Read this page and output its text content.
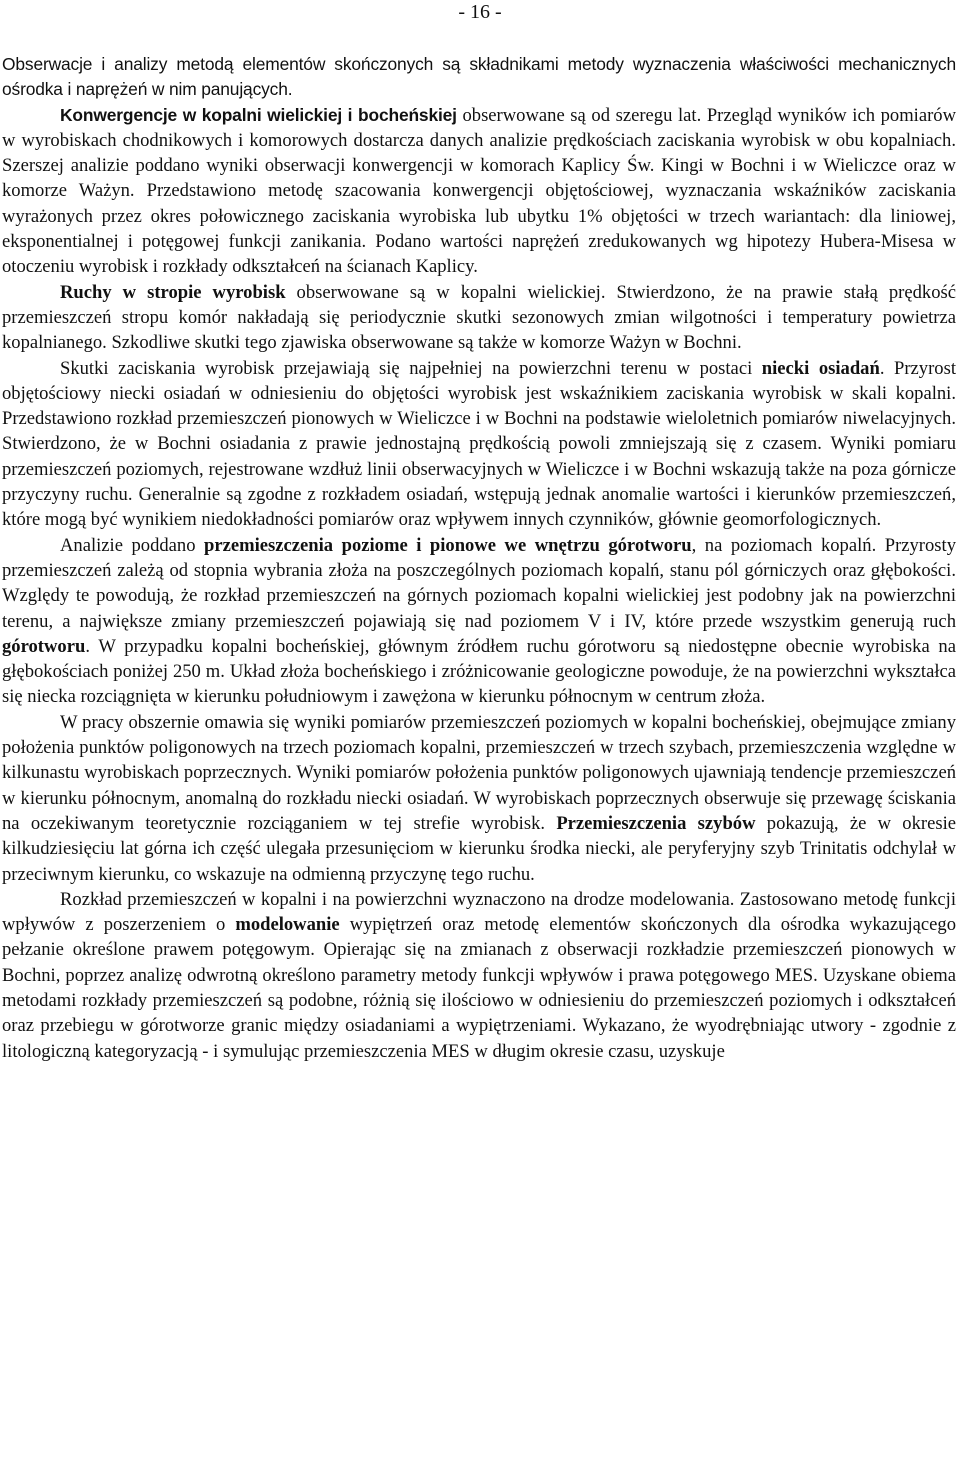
- 16 -

Obserwacje i analizy metodą elementów skończonych są składnikami metody wyznaczenia właściwości mechanicznych ośrodka i naprężeń w nim panujących.

Konwergencje w kopalni wielickiej i bocheńskiej obserwowane są od szeregu lat. Przegląd wyników ich pomiarów w wyrobiskach chodnikowych i komorowych dostarcza danych analizie prędkościach zaciskania wyrobisk w obu kopalniach. Szerszej analizie poddano wyniki obserwacji konwergencji w komorach Kaplicy Św. Kingi w Bochni i w Wieliczce oraz w komorze Ważyn. Przedstawiono metodę szacowania konwergencji objętościowej, wyznaczania wskaźników zaciskania wyrażonych przez okres połowicznego zaciskania wyrobiska lub ubytku 1% objętości w trzech wariantach: dla liniowej, eksponentialnej i potęgowej funkcji zanikania. Podano wartości naprężeń zredukowanych wg hipotezy Hubera-Misesa w otoczeniu wyrobisk i rozkłady odkształceń na ścianach Kaplicy.

Ruchy w stropie wyrobisk obserwowane są w kopalni wielickiej. Stwierdzono, że na prawie stałą prędkość przemieszczeń stropu komór nakładają się periodycznie skutki sezonowych zmian wilgotności i temperatury powietrza kopalnianego. Szkodliwe skutki tego zjawiska obserwowane są także w komorze Ważyn w Bochni.

Skutki zaciskania wyrobisk przejawiają się najpełniej na powierzchni terenu w postaci niecki osiadań. Przyrost objętościowy niecki osiadań w odniesieniu do objętości wyrobisk jest wskaźnikiem zaciskania wyrobisk w skali kopalni. Przedstawiono rozkład przemieszczeń pionowych w Wieliczce i w Bochni na podstawie wieloletnich pomiarów niwelacyjnych. Stwierdzono, że w Bochni osiadania z prawie jednostajną prędkością powoli zmniejszają się z czasem. Wyniki pomiaru przemieszczeń poziomych, rejestrowane wzdłuż linii obserwacyjnych w Wieliczce i w Bochni wskazują także na poza górnicze przyczyny ruchu. Generalnie są zgodne z rozkładem osiadań, wstępują jednak anomalie wartości i kierunków przemieszczeń, które mogą być wynikiem niedokładności pomiarów oraz wpływem innych czynników, głównie geomorfologicznych.

Analizie poddano przemieszczenia poziome i pionowe we wnętrzu górotworu, na poziomach kopalń. Przyrosty przemieszczeń zależą od stopnia wybrania złoża na poszczególnych poziomach kopalń, stanu pól górniczych oraz głębokości. Względy te powodują, że rozkład przemieszczeń na górnych poziomach kopalni wielickiej jest podobny jak na powierzchni terenu, a największe zmiany przemieszczeń pojawiają się nad poziomem V i IV, które przede wszystkim generują ruch górotworu. W przypadku kopalni bocheńskiej, głównym źródłem ruchu górotworu są niedostępne obecnie wyrobiska na głębokościach poniżej 250 m. Układ złoża bocheńskiego i zróżnicowanie geologiczne powoduje, że na powierzchni wykształca się niecka rozciągnięta w kierunku południowym i zawężona w kierunku północnym w centrum złoża.

W pracy obszernie omawia się wyniki pomiarów przemieszczeń poziomych w kopalni bocheńskiej, obejmujące zmiany położenia punktów poligonowych na trzech poziomach kopalni, przemieszczeń w trzech szybach, przemieszczenia względne w kilkunastu wyrobiskach poprzecznych. Wyniki pomiarów położenia punktów poligonowych ujawniają tendencje przemieszczeń w kierunku północnym, anomalną do rozkładu niecki osiadań. W wyrobiskach poprzecznych obserwuje się przewagę ściskania na oczekiwanym teoretycznie rozciąganiem w tej strefie wyrobisk. Przemieszczenia szybów pokazują, że w okresie kilkudziesięciu lat górna ich część ulegała przesunięciom w kierunku środka niecki, ale peryferyjny szyb Trinitatis odchylał w przeciwnym kierunku, co wskazuje na odmienną przyczynę tego ruchu.

Rozkład przemieszczeń w kopalni i na powierzchni wyznaczono na drodze modelowania. Zastosowano metodę funkcji wpływów z poszerzeniem o modelowanie wypiętrzeń oraz metodę elementów skończonych dla ośrodka wykazującego pełzanie określone prawem potęgowym. Opierając się na zmianach z obserwacji rozkładzie przemieszczeń pionowych w Bochni, poprzez analizę odwrotną określono parametry metody funkcji wpływów i prawa potęgowego MES. Uzyskane obiema metodami rozkłady przemieszczeń są podobne, różnią się ilościowo w odniesieniu do przemieszczeń poziomych i odkształceń oraz przebiegu w górotworze granic między osiadaniami a wypiętrzeniami. Wykazano, że wyodrębniając utwory - zgodnie z litologiczną kategoryzacją - i symulując przemieszczenia MES w długim okresie czasu, uzyskuje
